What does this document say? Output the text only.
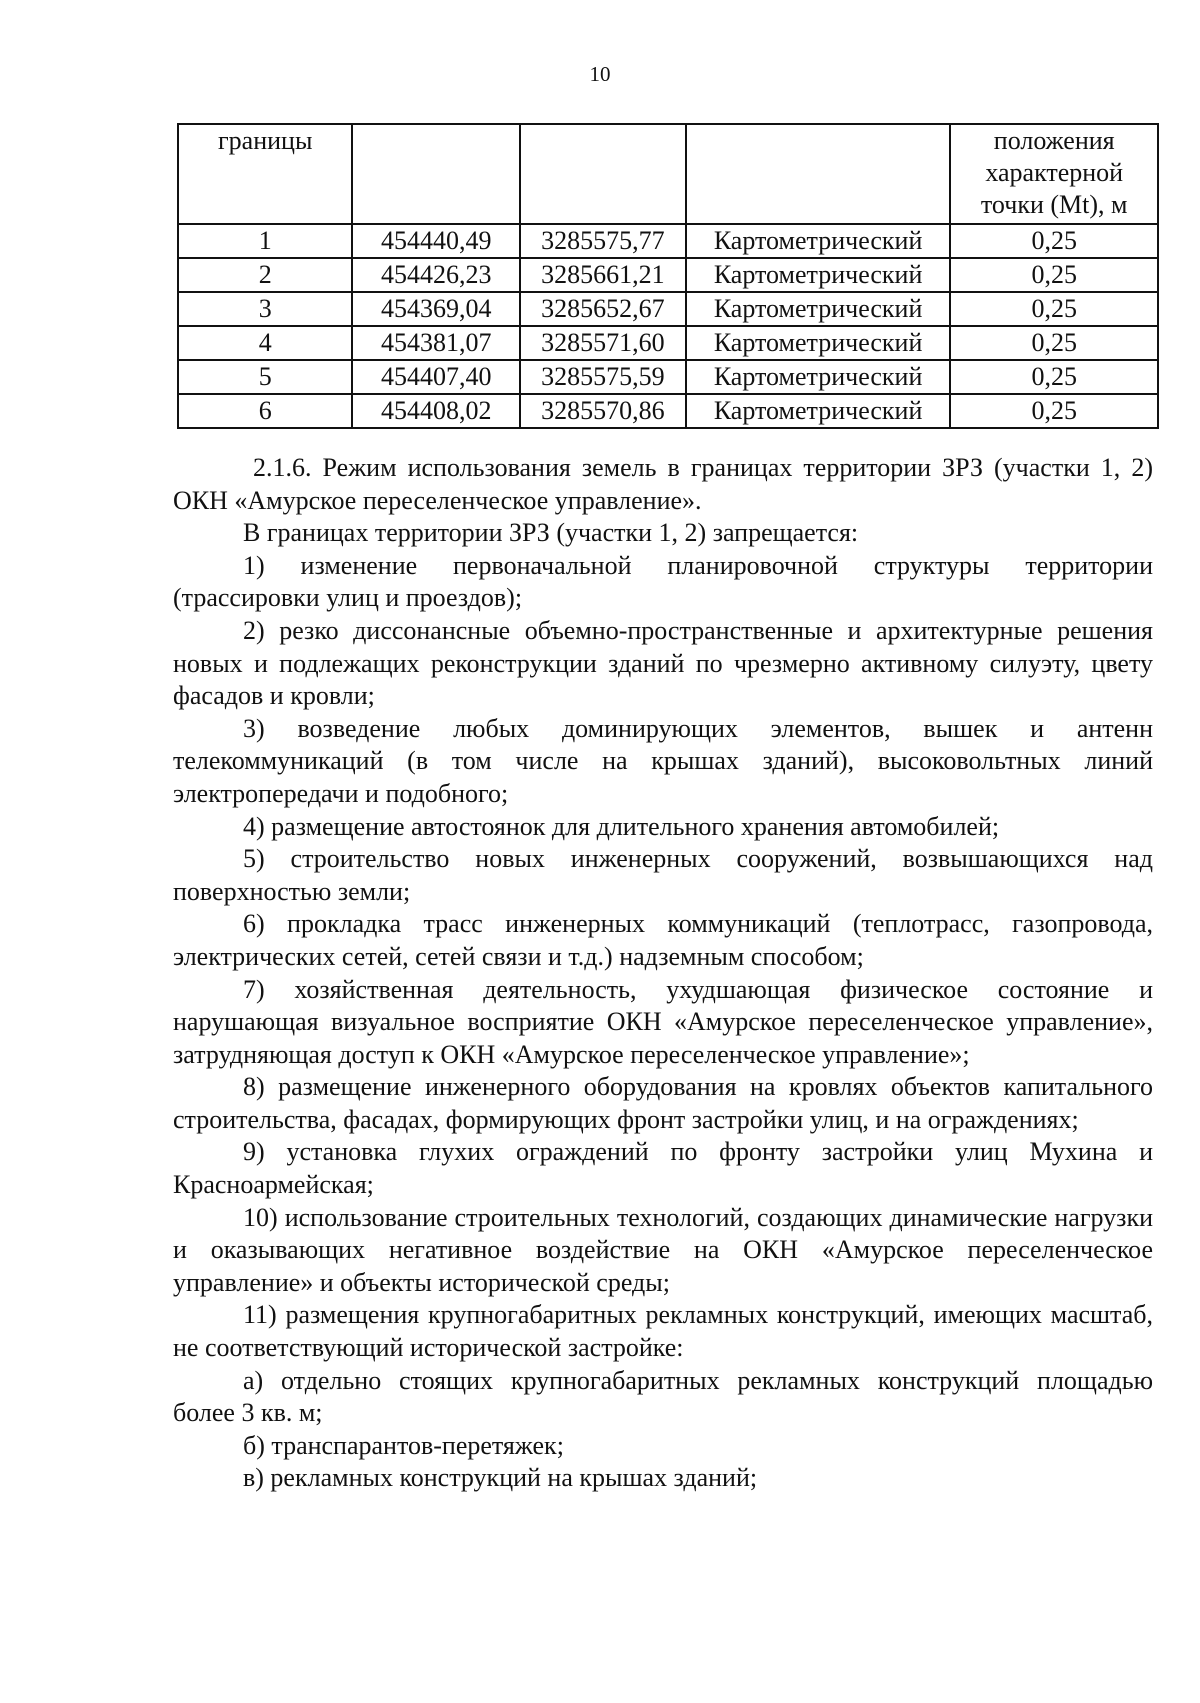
10
границы				положения характерной точки (Mt), м
1	454440,49	3285575,77	Картометрический	0,25
2	454426,23	3285661,21	Картометрический	0,25
3	454369,04	3285652,67	Картометрический	0,25
4	454381,07	3285571,60	Картометрический	0,25
5	454407,40	3285575,59	Картометрический	0,25
6	454408,02	3285570,86	Картометрический	0,25

2.1.6. Режим использования земель в границах территории ЗРЗ (участки 1, 2) ОКН «Амурское переселенческое управление».

В границах территории ЗРЗ (участки 1, 2) запрещается:

1) изменение первоначальной планировочной структуры территории (трассировки улиц и проездов);

2) резко диссонансные объемно-пространственные и архитектурные решения новых и подлежащих реконструкции зданий по чрезмерно активному силуэту, цвету фасадов и кровли;

3) возведение любых доминирующих элементов, вышек и антенн телекоммуникаций (в том числе на крышах зданий), высоковольтных линий электропередачи и подобного;

4) размещение автостоянок для длительного хранения автомобилей;

5) строительство новых инженерных сооружений, возвышающихся над поверхностью земли;

6) прокладка трасс инженерных коммуникаций (теплотрасс, газопровода, электрических сетей, сетей связи и т.д.) надземным способом;

7) хозяйственная деятельность, ухудшающая физическое состояние и нарушающая визуальное восприятие ОКН «Амурское переселенческое управление», затрудняющая доступ к ОКН «Амурское переселенческое управление»;

8) размещение инженерного оборудования на кровлях объектов капитального строительства, фасадах, формирующих фронт застройки улиц, и на ограждениях;

9) установка глухих ограждений по фронту застройки улиц Мухина и Красноармейская;

10) использование строительных технологий, создающих динамические нагрузки и оказывающих негативное воздействие на ОКН «Амурское переселенческое управление» и объекты исторической среды;

11) размещения крупногабаритных рекламных конструкций, имеющих масштаб, не соответствующий исторической застройке:

а) отдельно стоящих крупногабаритных рекламных конструкций площадью более 3 кв. м;

б) транспарантов-перетяжек;

в) рекламных конструкций на крышах зданий;
